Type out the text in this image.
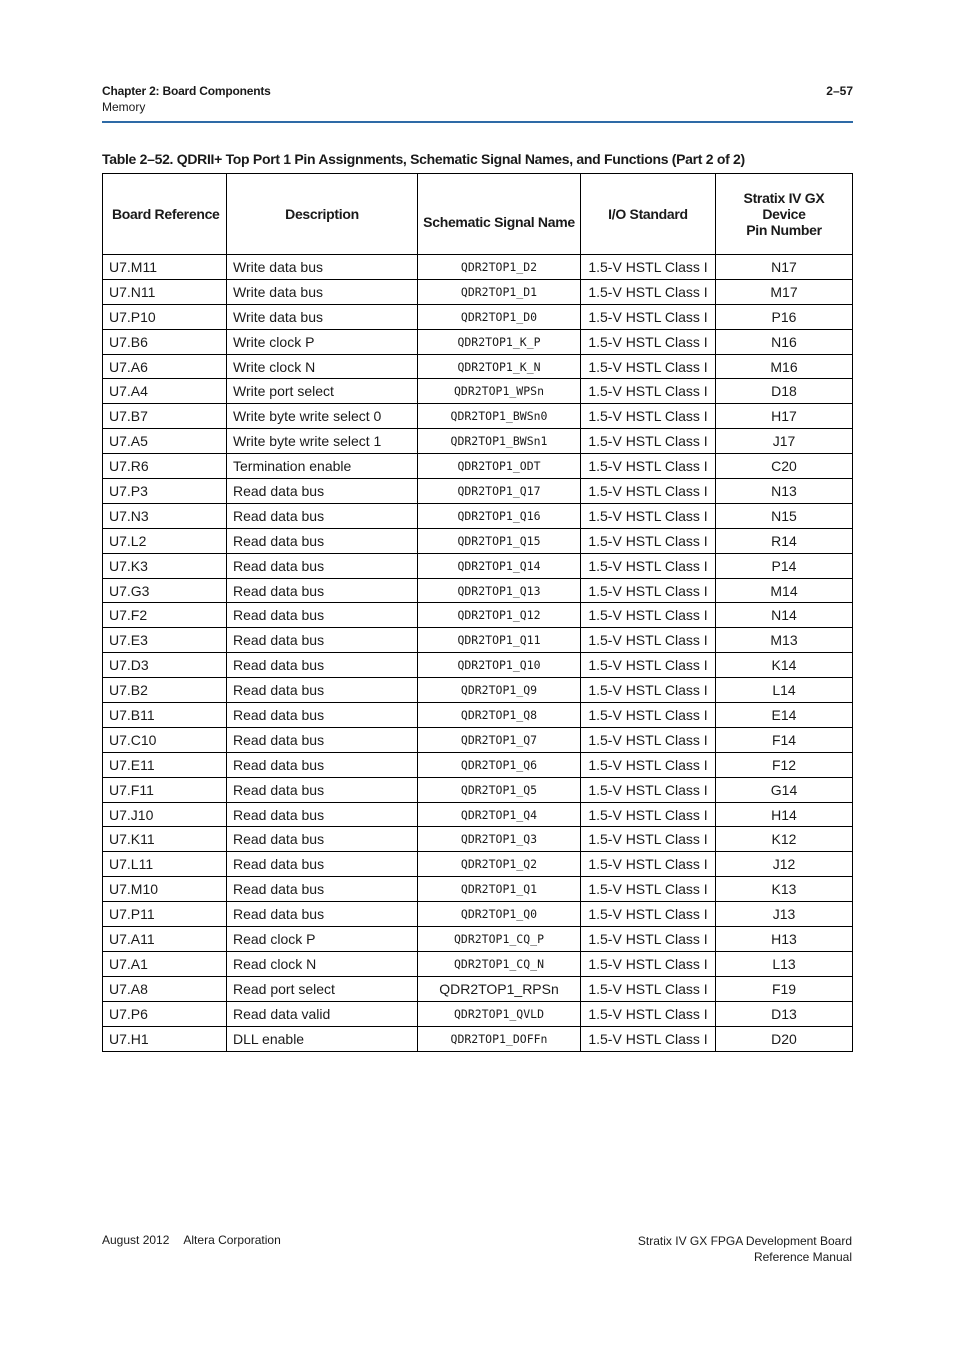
Chapter 2: Board Components
Memory
2–57
Table 2–52. QDRII+ Top Port 1 Pin Assignments, Schematic Signal Names, and Functions (Part 2 of 2)
Board Reference	Description	Schematic Signal Name	I/O Standard	Stratix IV GX
Device
Pin Number
U7.M11	Write data bus	QDR2TOP1_D2	1.5-V HSTL Class I	N17
U7.N11	Write data bus	QDR2TOP1_D1	1.5-V HSTL Class I	M17
U7.P10	Write data bus	QDR2TOP1_D0	1.5-V HSTL Class I	P16
U7.B6	Write clock P	QDR2TOP1_K_P	1.5-V HSTL Class I	N16
U7.A6	Write clock N	QDR2TOP1_K_N	1.5-V HSTL Class I	M16
U7.A4	Write port select	QDR2TOP1_WPSn	1.5-V HSTL Class I	D18
U7.B7	Write byte write select 0	QDR2TOP1_BWSn0	1.5-V HSTL Class I	H17
U7.A5	Write byte write select 1	QDR2TOP1_BWSn1	1.5-V HSTL Class I	J17
U7.R6	Termination enable	QDR2TOP1_ODT	1.5-V HSTL Class I	C20
U7.P3	Read data bus	QDR2TOP1_Q17	1.5-V HSTL Class I	N13
U7.N3	Read data bus	QDR2TOP1_Q16	1.5-V HSTL Class I	N15
U7.L2	Read data bus	QDR2TOP1_Q15	1.5-V HSTL Class I	R14
U7.K3	Read data bus	QDR2TOP1_Q14	1.5-V HSTL Class I	P14
U7.G3	Read data bus	QDR2TOP1_Q13	1.5-V HSTL Class I	M14
U7.F2	Read data bus	QDR2TOP1_Q12	1.5-V HSTL Class I	N14
U7.E3	Read data bus	QDR2TOP1_Q11	1.5-V HSTL Class I	M13
U7.D3	Read data bus	QDR2TOP1_Q10	1.5-V HSTL Class I	K14
U7.B2	Read data bus	QDR2TOP1_Q9	1.5-V HSTL Class I	L14
U7.B11	Read data bus	QDR2TOP1_Q8	1.5-V HSTL Class I	E14
U7.C10	Read data bus	QDR2TOP1_Q7	1.5-V HSTL Class I	F14
U7.E11	Read data bus	QDR2TOP1_Q6	1.5-V HSTL Class I	F12
U7.F11	Read data bus	QDR2TOP1_Q5	1.5-V HSTL Class I	G14
U7.J10	Read data bus	QDR2TOP1_Q4	1.5-V HSTL Class I	H14
U7.K11	Read data bus	QDR2TOP1_Q3	1.5-V HSTL Class I	K12
U7.L11	Read data bus	QDR2TOP1_Q2	1.5-V HSTL Class I	J12
U7.M10	Read data bus	QDR2TOP1_Q1	1.5-V HSTL Class I	K13
U7.P11	Read data bus	QDR2TOP1_Q0	1.5-V HSTL Class I	J13
U7.A11	Read clock P	QDR2TOP1_CQ_P	1.5-V HSTL Class I	H13
U7.A1	Read clock N	QDR2TOP1_CQ_N	1.5-V HSTL Class I	L13
U7.A8	Read port select	QDR2TOP1_RPSn	1.5-V HSTL Class I	F19
U7.P6	Read data valid	QDR2TOP1_QVLD	1.5-V HSTL Class I	D13
U7.H1	DLL enable	QDR2TOP1_DOFFn	1.5-V HSTL Class I	D20
August 2012 Altera Corporation	Stratix IV GX FPGA Development Board
Reference Manual
